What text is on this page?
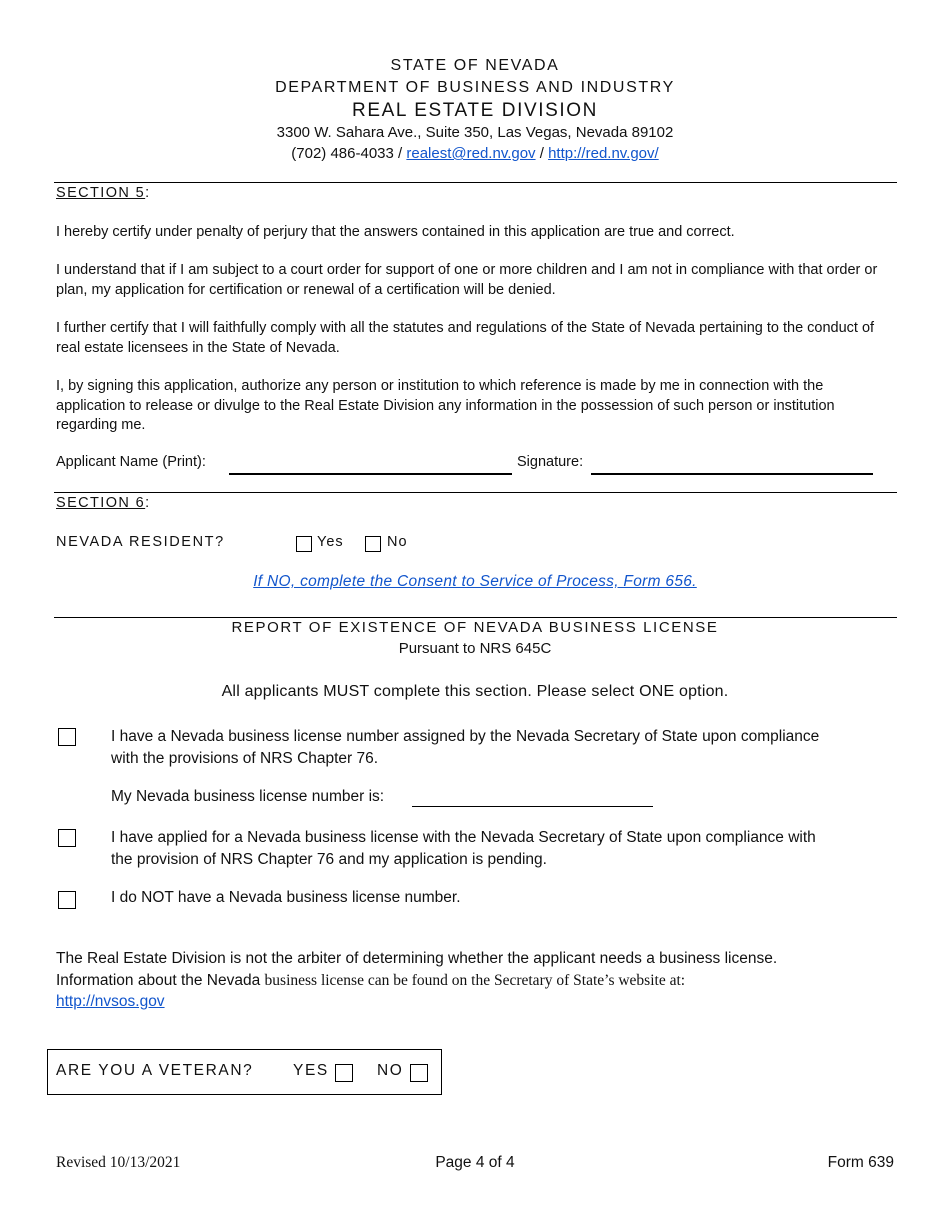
STATE OF NEVADA
DEPARTMENT OF BUSINESS AND INDUSTRY
REAL ESTATE DIVISION
3300 W. Sahara Ave., Suite 350, Las Vegas, Nevada 89102
(702) 486-4033 / realest@red.nv.gov / http://red.nv.gov/
SECTION 5:
I hereby certify under penalty of perjury that the answers contained in this application are true and correct.
I understand that if I am subject to a court order for support of one or more children and I am not in compliance with that order or plan, my application for certification or renewal of a certification will be denied.
I further certify that I will faithfully comply with all the statutes and regulations of the State of Nevada pertaining to the conduct of real estate licensees in the State of Nevada.
I, by signing this application, authorize any person or institution to which reference is made by me in connection with the application to release or divulge to the Real Estate Division any information in the possession of such person or institution regarding me.
Applicant Name (Print):	Signature:
SECTION 6:
NEVADA RESIDENT?	Yes	No
If NO, complete the Consent to Service of Process, Form 656.
REPORT OF EXISTENCE OF NEVADA BUSINESS LICENSE
Pursuant to NRS 645C
All applicants MUST complete this section. Please select ONE option.
I have a Nevada business license number assigned by the Nevada Secretary of State upon compliance
with the provisions of NRS Chapter 76.
My Nevada business license number is:
I have applied for a Nevada business license with the Nevada Secretary of State upon compliance with
the provision of NRS Chapter 76 and my application is pending.
I do NOT have a Nevada business license number.
The Real Estate Division is not the arbiter of determining whether the applicant needs a business license.
Information about the Nevada business license can be found on the Secretary of State’s website at:
http://nvsos.gov
ARE YOU A VETERAN?	YES	NO
Revised 10/13/2021	Page 4 of 4	Form 639
